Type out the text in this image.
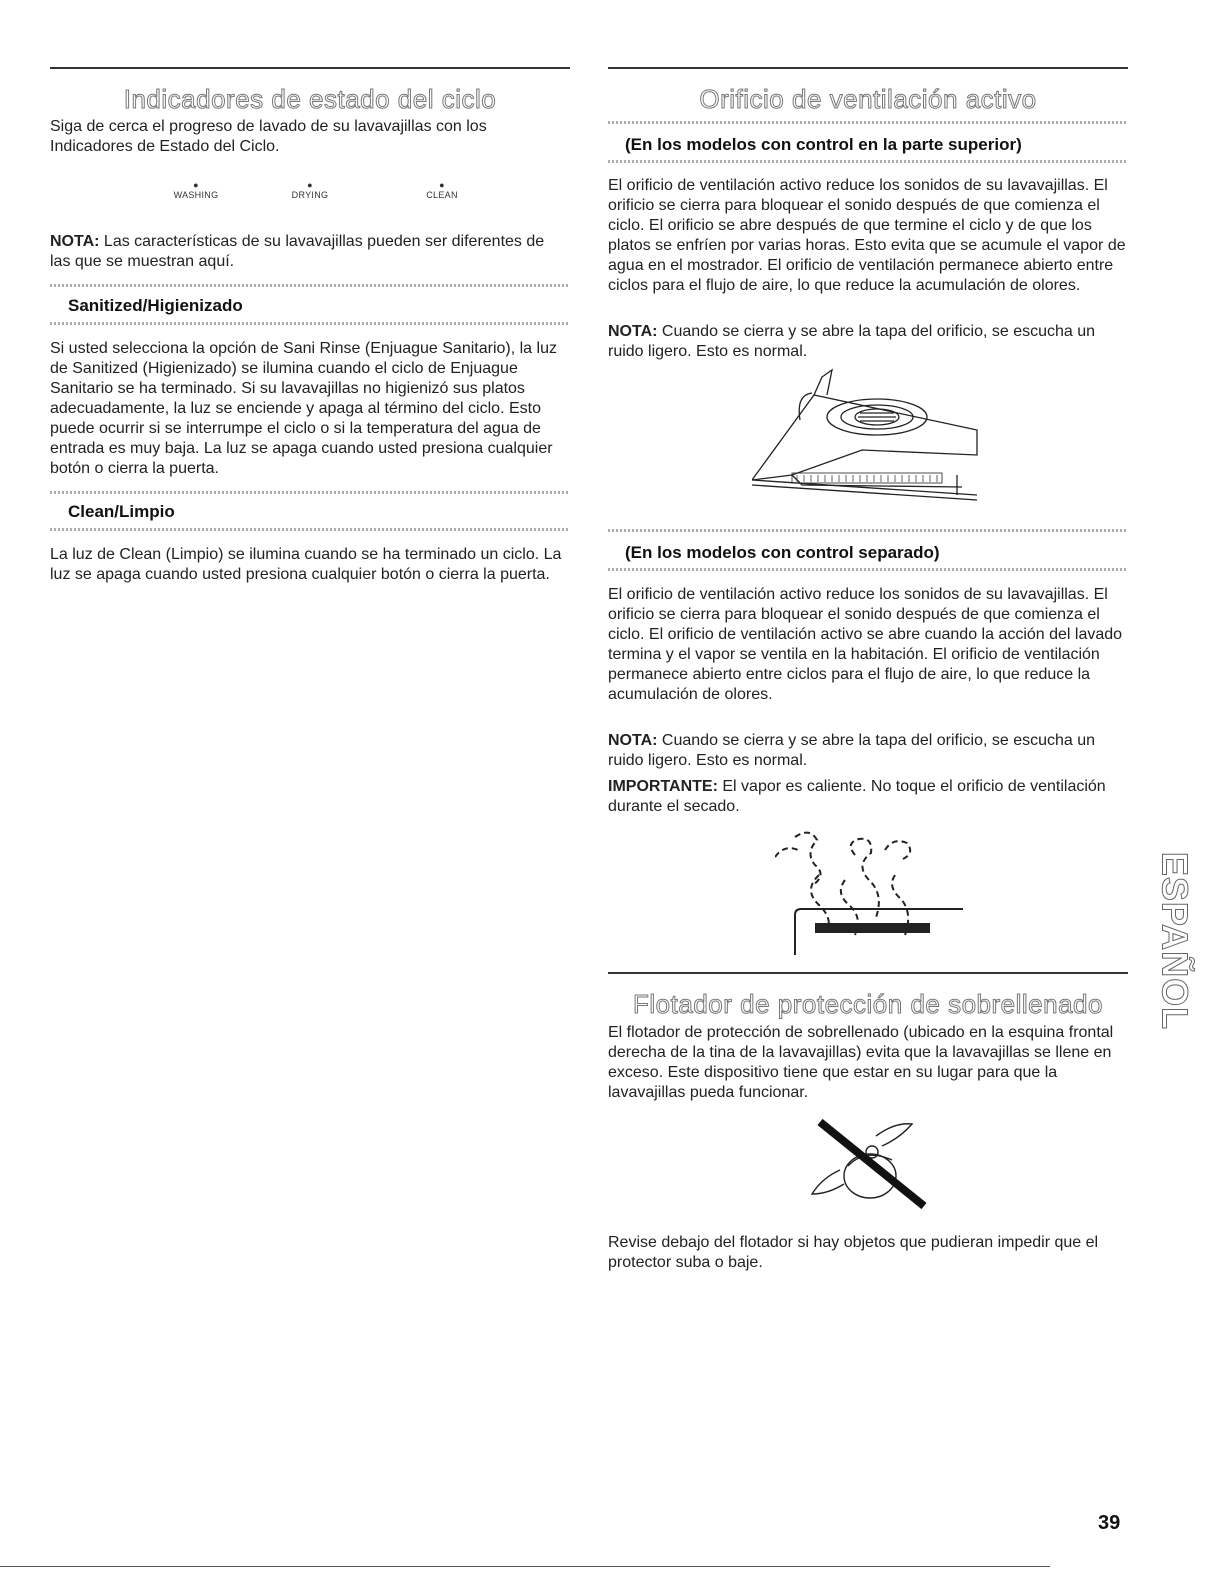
Indicadores de estado del ciclo
Siga de cerca el progreso de lavado de su lavavajillas con los Indicadores de Estado del Ciclo.
●
WASHING
●
DRYING
●
CLEAN
NOTA: Las características de su lavavajillas pueden ser diferentes de las que se muestran aquí.
Sanitized/Higienizado
Si usted selecciona la opción de Sani Rinse (Enjuague Sanitario), la luz de Sanitized (Higienizado) se ilumina cuando el ciclo de Enjuague Sanitario se ha terminado. Si su lavavajillas no higienizó sus platos adecuadamente, la luz se enciende y apaga al término del ciclo. Esto puede ocurrir si se interrumpe el ciclo o si la temperatura del agua de entrada es muy baja. La luz se apaga cuando usted presiona cualquier botón o cierra la puerta.
Clean/Limpio
La luz de Clean (Limpio) se ilumina cuando se ha terminado un ciclo. La luz se apaga cuando usted presiona cualquier botón o cierra la puerta.
Orificio de ventilación activo
(En los modelos con control en la parte superior)
El orificio de ventilación activo reduce los sonidos de su lavavajillas. El orificio se cierra para bloquear el sonido después de que comienza el ciclo. El orificio se abre después de que termine el ciclo y de que los platos se enfríen por varias horas. Esto evita que se acumule el vapor de agua en el mostrador. El orificio de ventilación permanece abierto entre ciclos para el flujo de aire, lo que reduce la acumulación de olores.
NOTA: Cuando se cierra y se abre la tapa del orificio, se escucha un ruido ligero. Esto es normal.
(En los modelos con control separado)
El orificio de ventilación activo reduce los sonidos de su lavavajillas. El orificio se cierra para bloquear el sonido después de que comienza el ciclo. El orificio de ventilación activo se abre cuando la acción del lavado termina y el vapor se ventila en la habitación. El orificio de ventilación permanece abierto entre ciclos para el flujo de aire, lo que reduce la acumulación de olores.
NOTA: Cuando se cierra y se abre la tapa del orificio, se escucha un ruido ligero. Esto es normal.
IMPORTANTE: El vapor es caliente. No toque el orificio de ventilación durante el secado.
Flotador de protección de sobrellenado
El flotador de protección de sobrellenado (ubicado en la esquina frontal derecha de la tina de la lavavajillas) evita que la lavavajillas se llene en exceso. Este dispositivo tiene que estar en su lugar para que la lavavajillas pueda funcionar.
Revise debajo del flotador si hay objetos que pudieran impedir que el protector suba o baje.
ESPAÑOL
39
